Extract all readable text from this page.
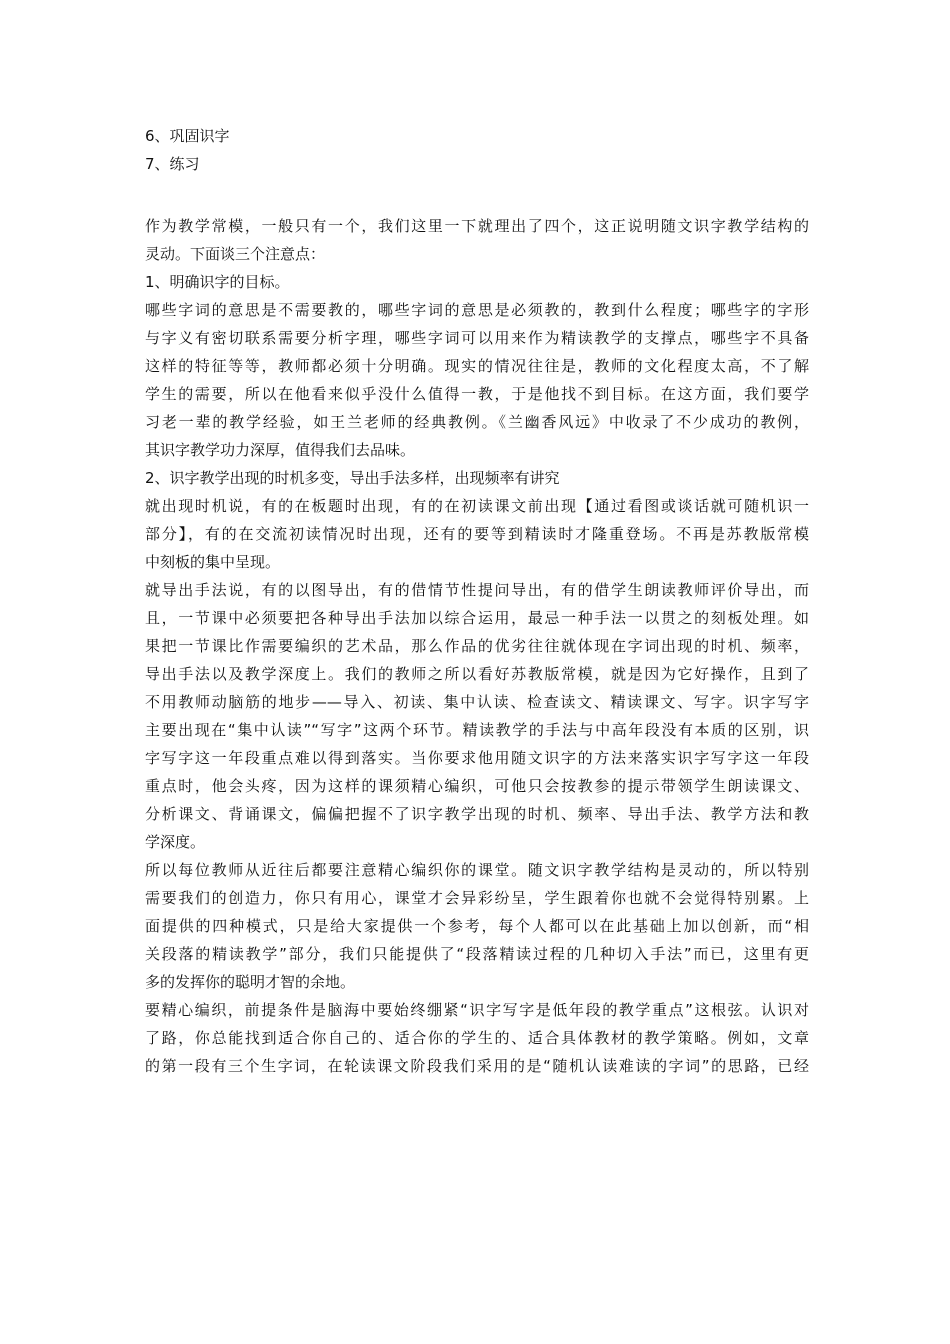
6、巩固识字
7、练习
作为教学常模，一般只有一个，我们这里一下就理出了四个，这正说明随文识字教学结构的
灵动。下面谈三个注意点：
1、明确识字的目标。
哪些字词的意思是不需要教的，哪些字词的意思是必须教的，教到什么程度；哪些字的字形
与字义有密切联系需要分析字理，哪些字词可以用来作为精读教学的支撑点，哪些字不具备
这样的特征等等，教师都必须十分明确。现实的情况往往是，教师的文化程度太高，不了解
学生的需要，所以在他看来似乎没什么值得一教，于是他找不到目标。在这方面，我们要学
习老一辈的教学经验，如王兰老师的经典教例。《兰幽香风远》中收录了不少成功的教例，
其识字教学功力深厚，值得我们去品味。
2、识字教学出现的时机多变，导出手法多样，出现频率有讲究
就出现时机说，有的在板题时出现，有的在初读课文前出现【通过看图或谈话就可随机识一
部分】，有的在交流初读情况时出现，还有的要等到精读时才隆重登场。不再是苏教版常模
中刻板的集中呈现。
就导出手法说，有的以图导出，有的借情节性提问导出，有的借学生朗读教师评价导出，而
且，一节课中必须要把各种导出手法加以综合运用，最忌一种手法一以贯之的刻板处理。如
果把一节课比作需要编织的艺术品，那么作品的优劣往往就体现在字词出现的时机、频率，
导出手法以及教学深度上。我们的教师之所以看好苏教版常模，就是因为它好操作，且到了
不用教师动脑筋的地步——导入、初读、集中认读、检查读文、精读课文、写字。识字写字
主要出现在“集中认读”“写字”这两个环节。精读教学的手法与中高年段没有本质的区别，识
字写字这一年段重点难以得到落实。当你要求他用随文识字的方法来落实识字写字这一年段
重点时，他会头疼，因为这样的课须精心编织，可他只会按教参的提示带领学生朗读课文、
分析课文、背诵课文，偏偏把握不了识字教学出现的时机、频率、导出手法、教学方法和教
学深度。
所以每位教师从近往后都要注意精心编织你的课堂。随文识字教学结构是灵动的，所以特别
需要我们的创造力，你只有用心，课堂才会异彩纷呈，学生跟着你也就不会觉得特别累。上
面提供的四种模式，只是给大家提供一个参考，每个人都可以在此基础上加以创新，而“相
关段落的精读教学”部分，我们只能提供了“段落精读过程的几种切入手法”而已，这里有更
多的发挥你的聪明才智的余地。
要精心编织，前提条件是脑海中要始终绷紧“识字写字是低年段的教学重点”这根弦。认识对
了路，你总能找到适合你自己的、适合你的学生的、适合具体教材的教学策略。例如，文章
的第一段有三个生字词，在轮读课文阶段我们采用的是“随机认读难读的字词”的思路，已经
